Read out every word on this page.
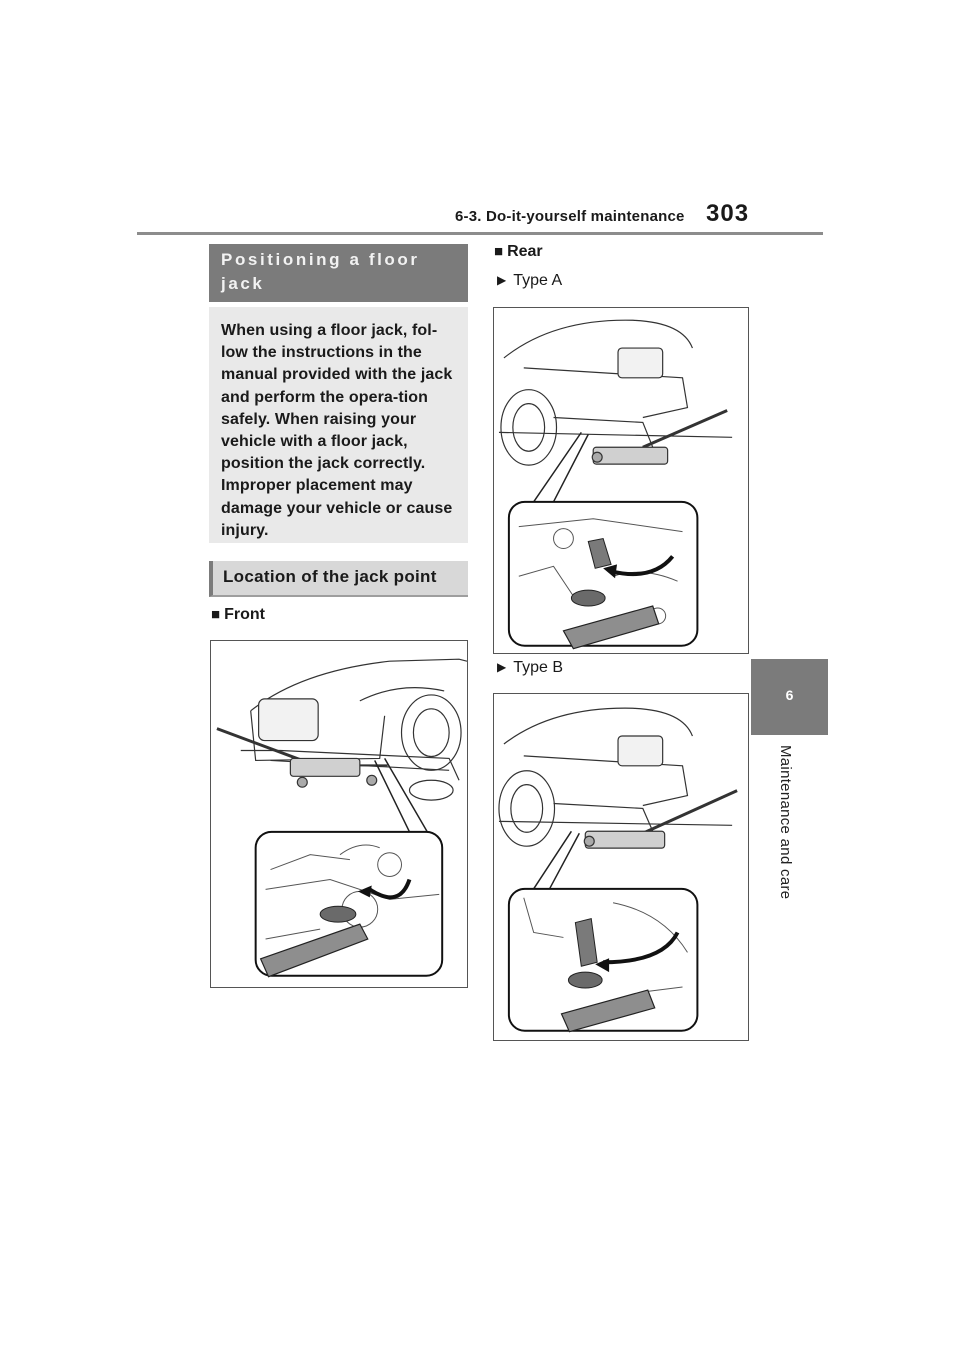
6-3. Do-it-yourself maintenance 303
6
Maintenance and care
Positioning a floor jack

When using a floor jack, fol-low the instructions in the manual provided with the jack and perform the opera-tion safely. When raising your vehicle with a floor jack, position the jack correctly. Improper placement may damage your vehicle or cause injury.

Location of the jack point
■ Front
■ Rear
▶ Type A
▶ Type B
